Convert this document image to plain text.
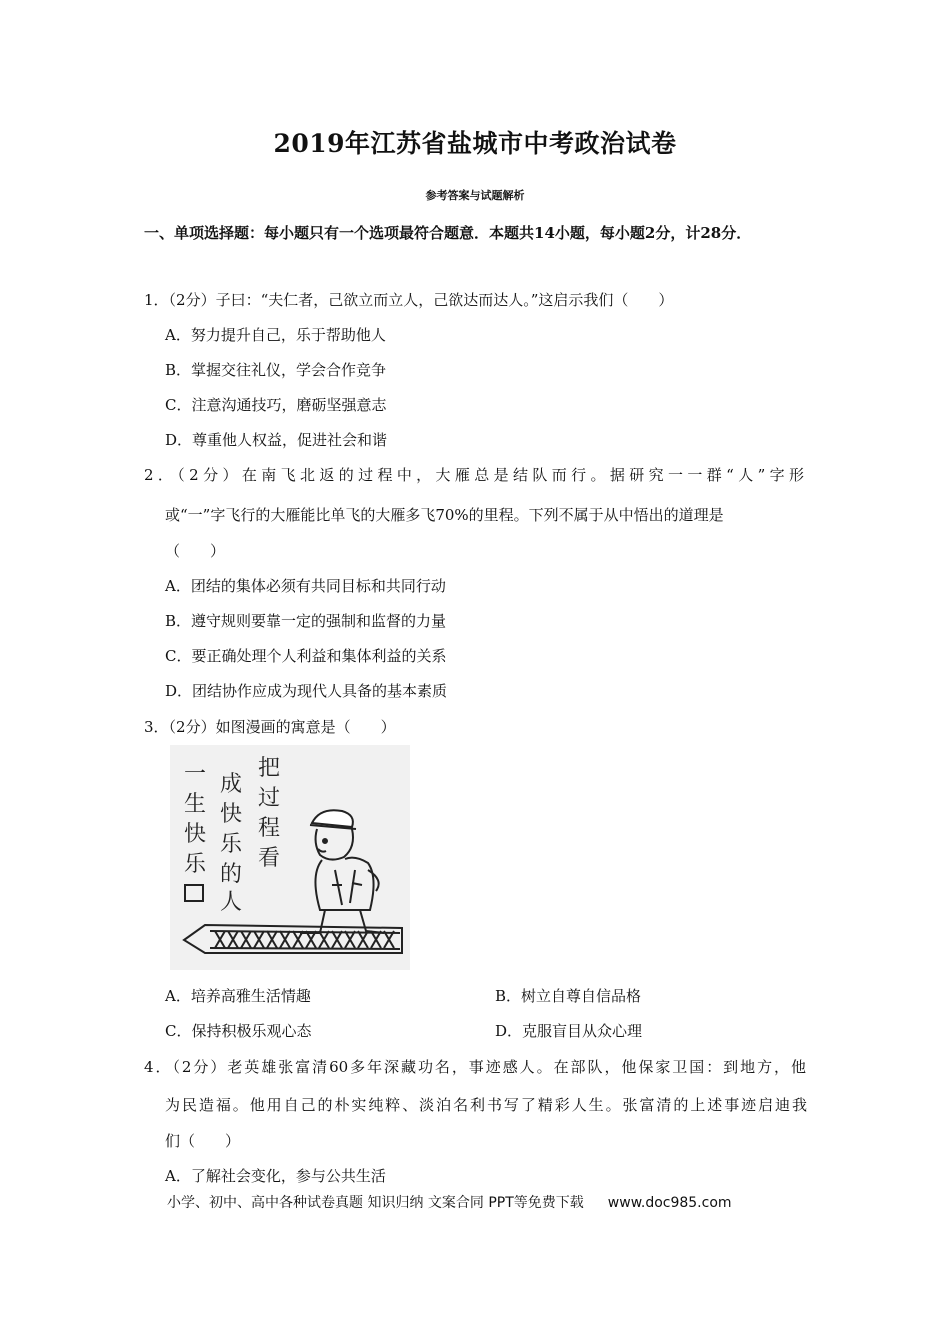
2019年江苏省盐城市中考政治试卷
参考答案与试题解析
一、单项选择题：每小题只有一个选项最符合题意．本题共14小题，每小题2分，计28分．
1．（2分）子曰：“夫仁者，己欲立而立人，己欲达而达人。”这启示我们（　　）
A．努力提升自己，乐于帮助他人
B．掌握交往礼仪，学会合作竞争
C．注意沟通技巧，磨砺坚强意志
D．尊重他人权益，促进社会和谐
2．（2分）在南飞北返的过程中，大雁总是结队而行。据研究一一群“人”字形
或“一”字飞行的大雁能比单飞的大雁多飞70%的里程。下列不属于从中悟出的道理是
（　　）
A．团结的集体必须有共同目标和共同行动
B．遵守规则要靠一定的强制和监督的力量
C．要正确处理个人利益和集体利益的关系
D．团结协作应成为现代人具备的基本素质
3．（2分）如图漫画的寓意是（　　）
一
生
快
乐
成
快
乐
的
人
把
过
程
看
A．培养高雅生活情趣	B．树立自尊自信品格
C．保持积极乐观心态	D．克服盲目从众心理
4．（2分）老英雄张富清60多年深藏功名，事迹感人。在部队，他保家卫国：到地方，他
为民造福。他用自己的朴实纯粹、淡泊名利书写了精彩人生。张富清的上述事迹启迪我
们（　　）
A．了解社会变化，参与公共生活
小学、初中、高中各种试卷真题 知识归纳 文案合同 PPT等免费下载 www.doc985.com
